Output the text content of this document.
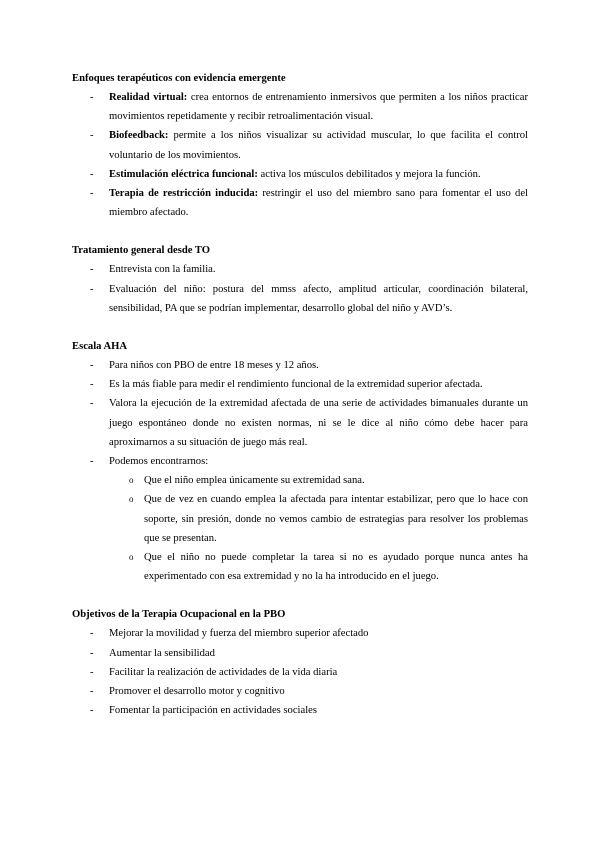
Enfoques terapéuticos con evidencia emergente

- Realidad virtual: crea entornos de entrenamiento inmersivos que permiten a los niños practicar movimientos repetidamente y recibir retroalimentación visual.
- Biofeedback: permite a los niños visualizar su actividad muscular, lo que facilita el control voluntario de los movimientos.
- Estimulación eléctrica funcional: activa los músculos debilitados y mejora la función.
- Terapia de restricción inducida: restringir el uso del miembro sano para fomentar el uso del miembro afectado.

Tratamiento general desde TO

- Entrevista con la familia.
- Evaluación del niño: postura del mmss afecto, amplitud articular, coordinación bilateral, sensibilidad, PA que se podrían implementar, desarrollo global del niño y AVD’s.

Escala AHA

- Para niños con PBO de entre 18 meses y 12 años.
- Es la más fiable para medir el rendimiento funcional de la extremidad superior afectada.
- Valora la ejecución de la extremidad afectada de una serie de actividades bimanuales durante un juego espontáneo donde no existen normas, ni se le dice al niño cómo debe hacer para aproximarnos a su situación de juego más real.
- Podemos encontrarnos:
o Que el niño emplea únicamente su extremidad sana.
o Que de vez en cuando emplea la afectada para intentar estabilizar, pero que lo hace con soporte, sin presión, donde no vemos cambio de estrategias para resolver los problemas que se presentan.
o Que el niño no puede completar la tarea si no es ayudado porque nunca antes ha experimentado con esa extremidad y no la ha introducido en el juego.

Objetivos de la Terapia Ocupacional en la PBO

- Mejorar la movilidad y fuerza del miembro superior afectado
- Aumentar la sensibilidad
- Facilitar la realización de actividades de la vida diaria
- Promover el desarrollo motor y cognitivo
- Fomentar la participación en actividades sociales
